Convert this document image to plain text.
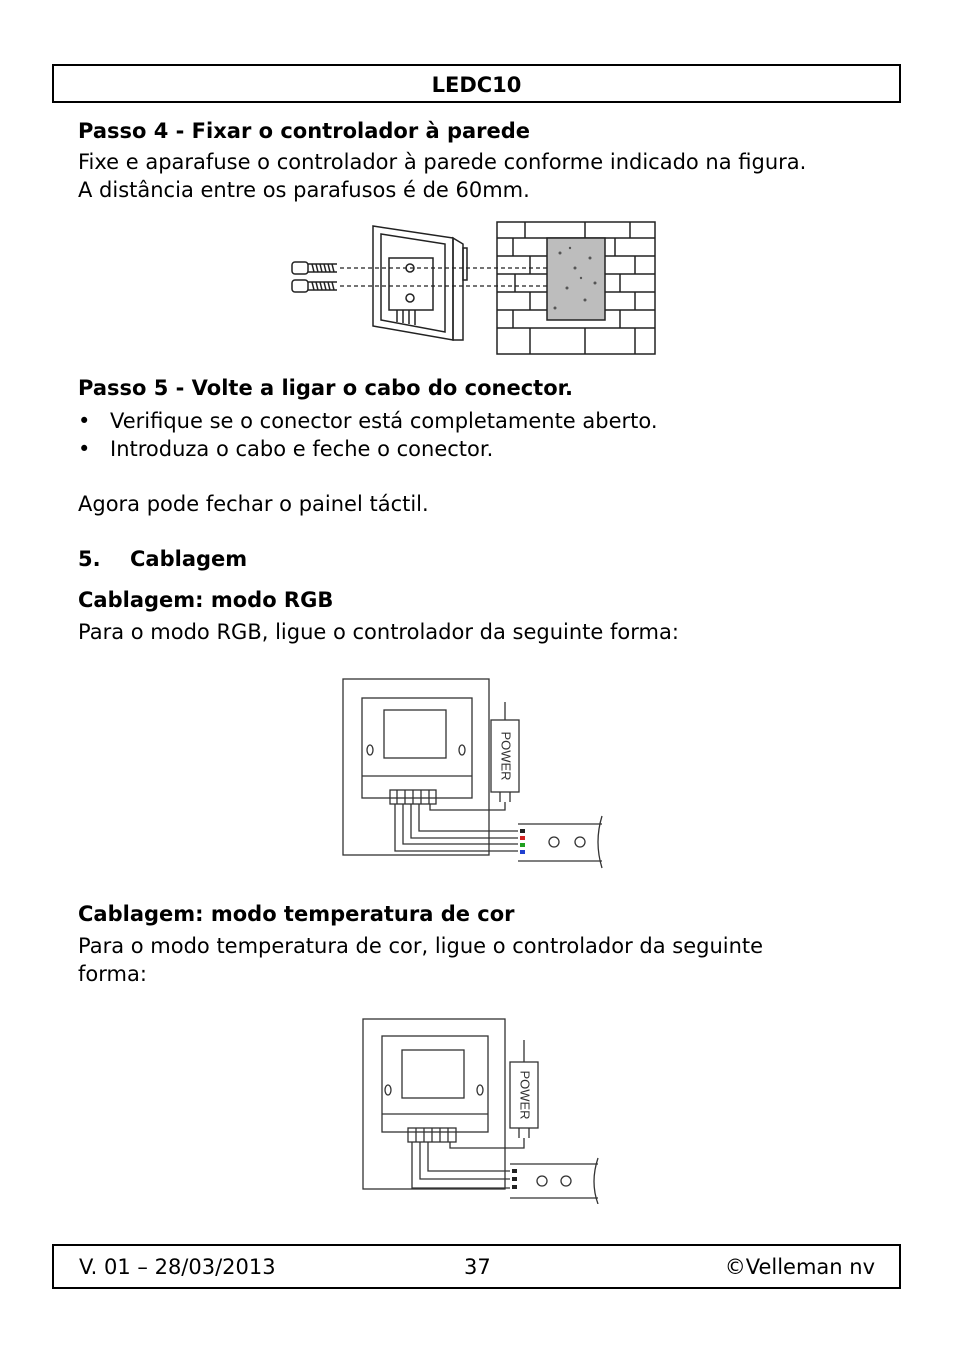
LEDC10
Passo 4 - Fixar o controlador à parede
Fixe e aparafuse o controlador à parede conforme indicado na figura.
A distância entre os parafusos é de 60mm.
Passo 5 - Volte a ligar o cabo do conector.
• Verifique se o conector está completamente aberto.
• Introduza o cabo e feche o conector.
Agora pode fechar o painel táctil.
5. Cablagem
Cablagem: modo RGB
Para o modo RGB, ligue o controlador da seguinte forma:
POWER
Cablagem: modo temperatura de cor
Para o modo temperatura de cor, ligue o controlador da seguinte
forma:
POWER
V. 01 – 28/03/2013	37	©Velleman nv
